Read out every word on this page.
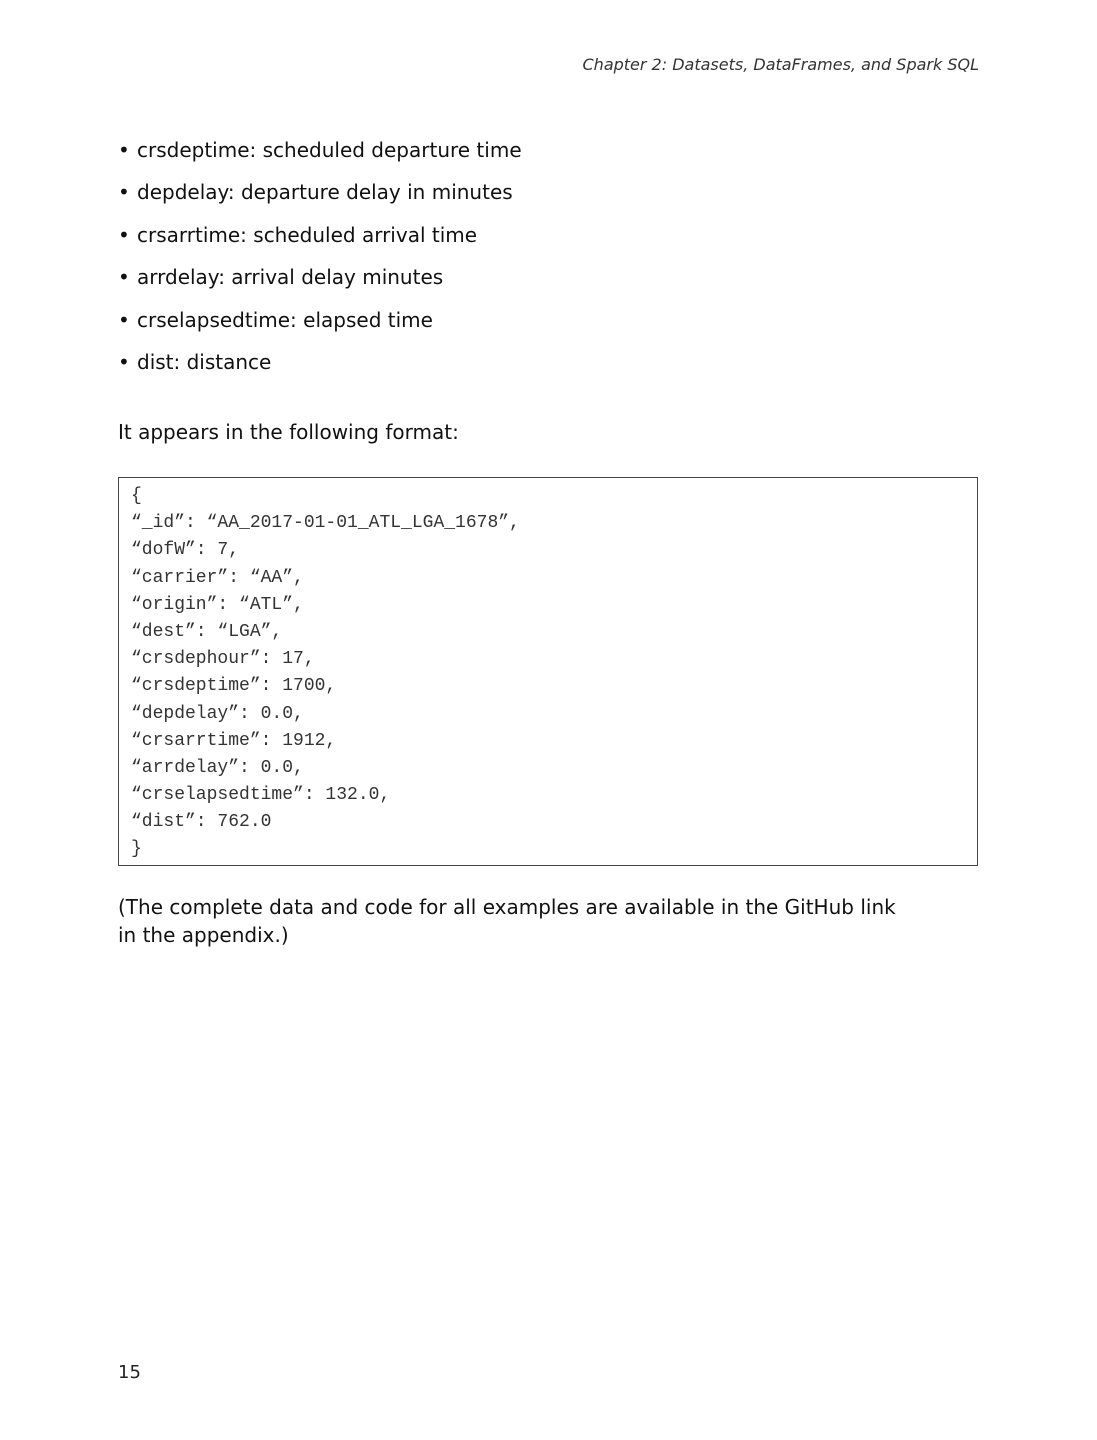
Chapter 2: Datasets, DataFrames, and Spark SQL
• crsdeptime: scheduled departure time
• depdelay: departure delay in minutes
• crsarrtime: scheduled arrival time
• arrdelay: arrival delay minutes
• crselapsedtime: elapsed time
• dist: distance

It appears in the following format:

{
“_id”: “AA_2017-01-01_ATL_LGA_1678”,
“dofW”: 7,
“carrier”: “AA”,
“origin”: “ATL”,
“dest”: “LGA”,
“crsdephour”: 17,
“crsdeptime”: 1700,
“depdelay”: 0.0,
“crsarrtime”: 1912,
“arrdelay”: 0.0,
“crselapsedtime”: 132.0,
“dist”: 762.0
}

(The complete data and code for all examples are available in the GitHub link in the appendix.)

15
